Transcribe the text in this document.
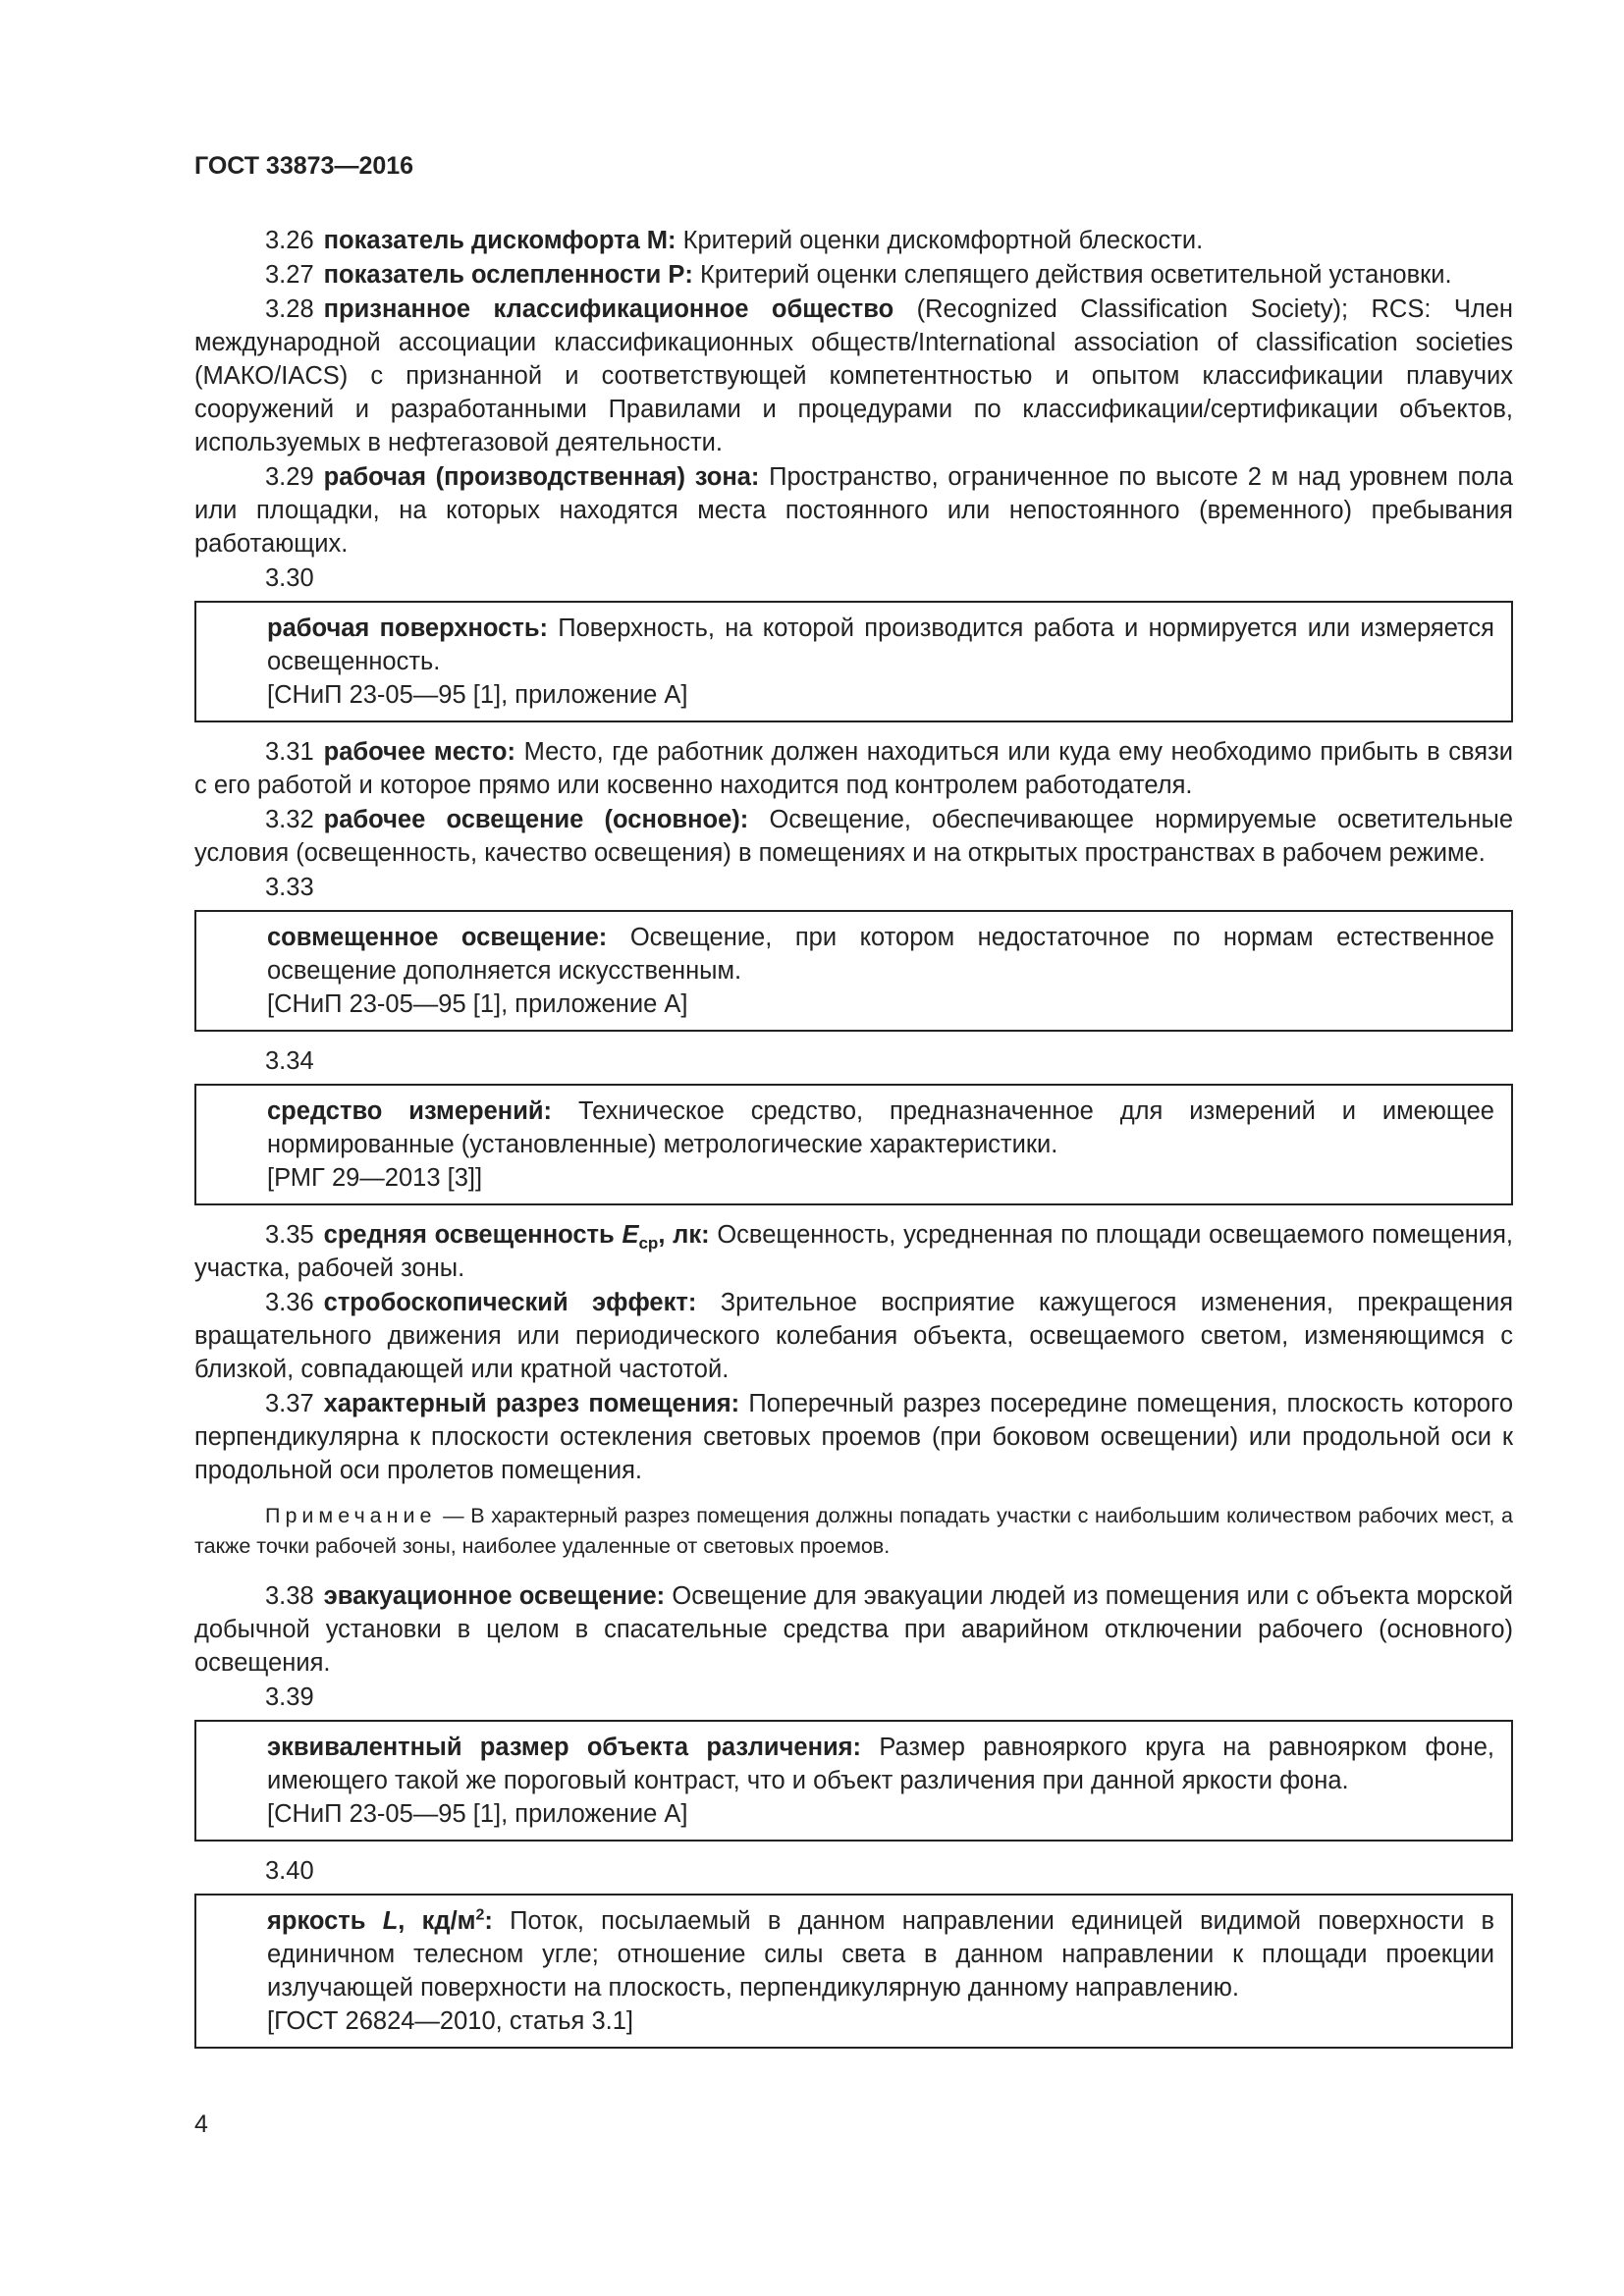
ГОСТ 33873—2016

3.26 показатель дискомфорта M: Критерий оценки дискомфортной блескости.

3.27 показатель ослепленности P: Критерий оценки слепящего действия осветительной установки.

3.28 признанное классификационное общество (Recognized Classification Society); RCS: Член международной ассоциации классификационных обществ/International association of classification societies (МАКО/IACS) с признанной и соответствующей компетентностью и опытом классификации плавучих сооружений и разработанными Правилами и процедурами по классификации/сертификации объектов, используемых в нефтегазовой деятельности.

3.29 рабочая (производственная) зона: Пространство, ограниченное по высоте 2 м над уровнем пола или площадки, на которых находятся места постоянного или непостоянного (временного) пребывания работающих.

3.30

рабочая поверхность: Поверхность, на которой производится работа и нормируется или измеряется освещенность.

[СНиП 23-05—95 [1], приложение А]

3.31 рабочее место: Место, где работник должен находиться или куда ему необходимо прибыть в связи с его работой и которое прямо или косвенно находится под контролем работодателя.

3.32 рабочее освещение (основное): Освещение, обеспечивающее нормируемые осветительные условия (освещенность, качество освещения) в помещениях и на открытых пространствах в рабочем режиме.

3.33

совмещенное освещение: Освещение, при котором недостаточное по нормам естественное освещение дополняется искусственным.

[СНиП 23-05—95 [1], приложение А]

3.34

средство измерений: Техническое средство, предназначенное для измерений и имеющее нормированные (установленные) метрологические характеристики.

[РМГ 29—2013 [3]]

3.35 средняя освещенность $E_{ср}$, лк: Освещенность, усредненная по площади освещаемого помещения, участка, рабочей зоны.

3.36 стробоскопический эффект: Зрительное восприятие кажущегося изменения, прекращения вращательного движения или периодического колебания объекта, освещаемого светом, изменяющимся с близкой, совпадающей или кратной частотой.

3.37 характерный разрез помещения: Поперечный разрез посередине помещения, плоскость которого перпендикулярна к плоскости остекления световых проемов (при боковом освещении) или продольной оси к продольной оси пролетов помещения.

Примечание — В характерный разрез помещения должны попадать участки с наибольшим количеством рабочих мест, а также точки рабочей зоны, наиболее удаленные от световых проемов.

3.38 эвакуационное освещение: Освещение для эвакуации людей из помещения или с объекта морской добычной установки в целом в спасательные средства при аварийном отключении рабочего (основного) освещения.

3.39

эквивалентный размер объекта различения: Размер равнояркого круга на равноярком фоне, имеющего такой же пороговый контраст, что и объект различения при данной яркости фона.

[СНиП 23-05—95 [1], приложение А]

3.40

яркость L, $кд/м^2$: Поток, посылаемый в данном направлении единицей видимой поверхности в единичном телесном угле; отношение силы света в данном направлении к площади проекции излучающей поверхности на плоскость, перпендикулярную данному направлению.

[ГОСТ 26824—2010, статья 3.1]

4
